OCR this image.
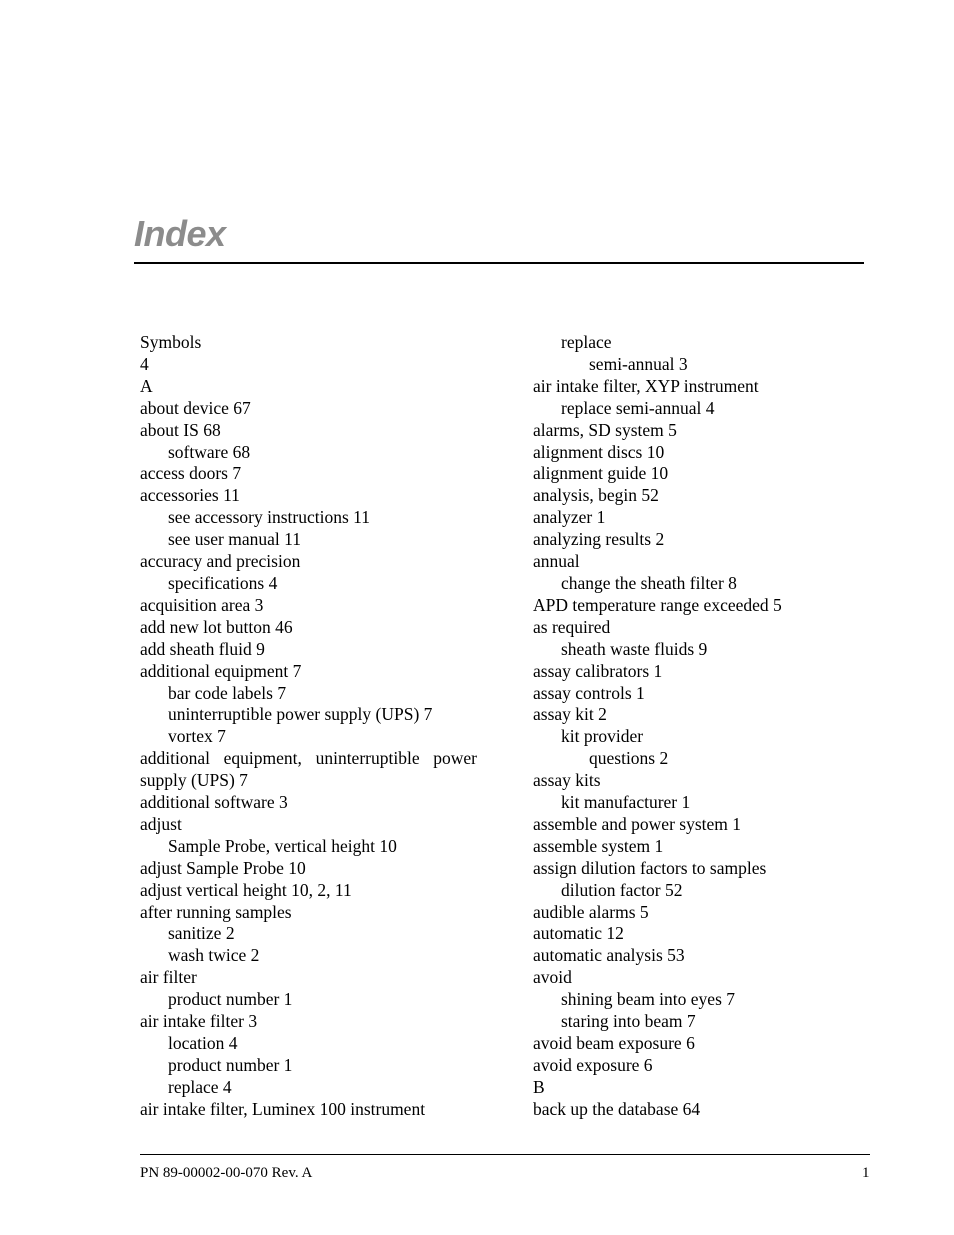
Index
Symbols
4
A
about device 67
about IS 68
software 68
access doors 7
accessories 11
see accessory instructions 11
see user manual 11
accuracy and precision
specifications 4
acquisition area 3
add new lot button 46
add sheath fluid 9
additional equipment 7
bar code labels 7
uninterruptible power supply (UPS) 7
vortex 7
additional equipment, uninterruptible power supply (UPS) 7
additional software 3
adjust
Sample Probe, vertical height 10
adjust Sample Probe 10
adjust vertical height 10, 2, 11
after running samples
sanitize 2
wash twice 2
air filter
product number 1
air intake filter 3
location 4
product number 1
replace 4
air intake filter, Luminex 100 instrument
replace
semi-annual 3
air intake filter, XYP instrument
replace semi-annual 4
alarms, SD system 5
alignment discs 10
alignment guide 10
analysis, begin 52
analyzer 1
analyzing results 2
annual
change the sheath filter 8
APD temperature range exceeded 5
as required
sheath waste fluids 9
assay calibrators 1
assay controls 1
assay kit 2
kit provider
questions 2
assay kits
kit manufacturer 1
assemble and power system 1
assemble system 1
assign dilution factors to samples
dilution factor 52
audible alarms 5
automatic 12
automatic analysis 53
avoid
shining beam into eyes 7
staring into beam 7
avoid beam exposure 6
avoid exposure 6
B
back up the database 64
PN 89-00002-00-070 Rev. A	1
